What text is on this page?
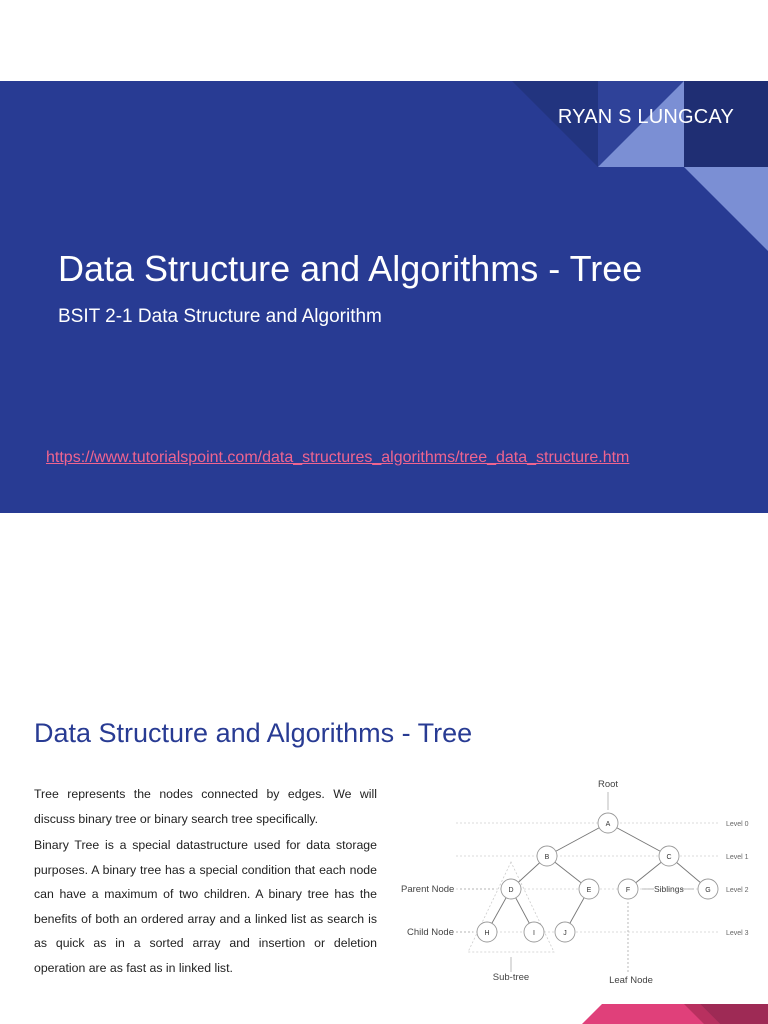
RYAN S LUNGCAY
Data Structure and Algorithms - Tree
BSIT 2-1 Data Structure and Algorithm
https://www.tutorialspoint.com/data_structures_algorithms/tree_data_structure.htm
Data Structure and Algorithms - Tree

Tree represents the nodes connected by edges. We will discuss binary tree or binary search tree specifically.

Binary Tree is a special datastructure used for data storage purposes. A binary tree has a special condition that each node can have a maximum of two children. A binary tree has the benefits of both an ordered array and a linked list as search is as quick as in a sorted array and insertion or deletion operation are as fast as in linked list.

A
B	C
D	E	F	G
H	I	J
Root
Parent Node
Child Node
Siblings
Sub-tree	Leaf Node
Level 0
Level 1
Level 2
Level 3
